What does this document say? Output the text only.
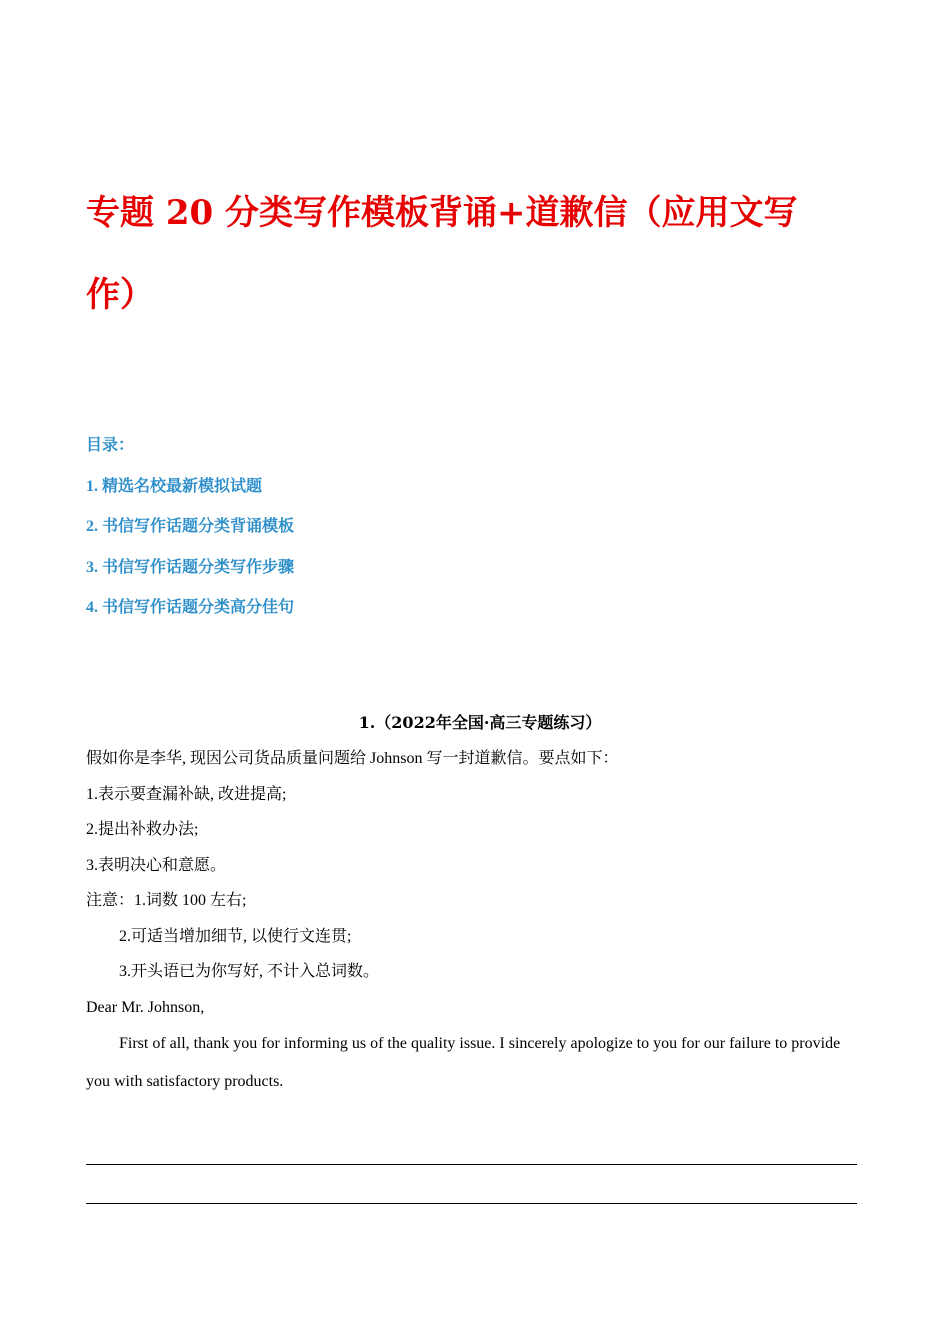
专题 20 分类写作模板背诵+道歉信（应用文写作）
目录：
1. 精选名校最新模拟试题
2. 书信写作话题分类背诵模板
3. 书信写作话题分类写作步骤
4. 书信写作话题分类高分佳句
1.（2022年全国·高三专题练习）
假如你是李华, 现因公司货品质量问题给 Johnson 写一封道歉信。要点如下：
1.表示要查漏补缺, 改进提高;
2.提出补救办法;
3.表明决心和意愿。
注意：1.词数 100 左右;
2.可适当增加细节, 以使行文连贯;
3.开头语已为你写好, 不计入总词数。
Dear Mr. Johnson,
First of all, thank you for informing us of the quality issue. I sincerely apologize to you for our failure to provide you with satisfactory products.
